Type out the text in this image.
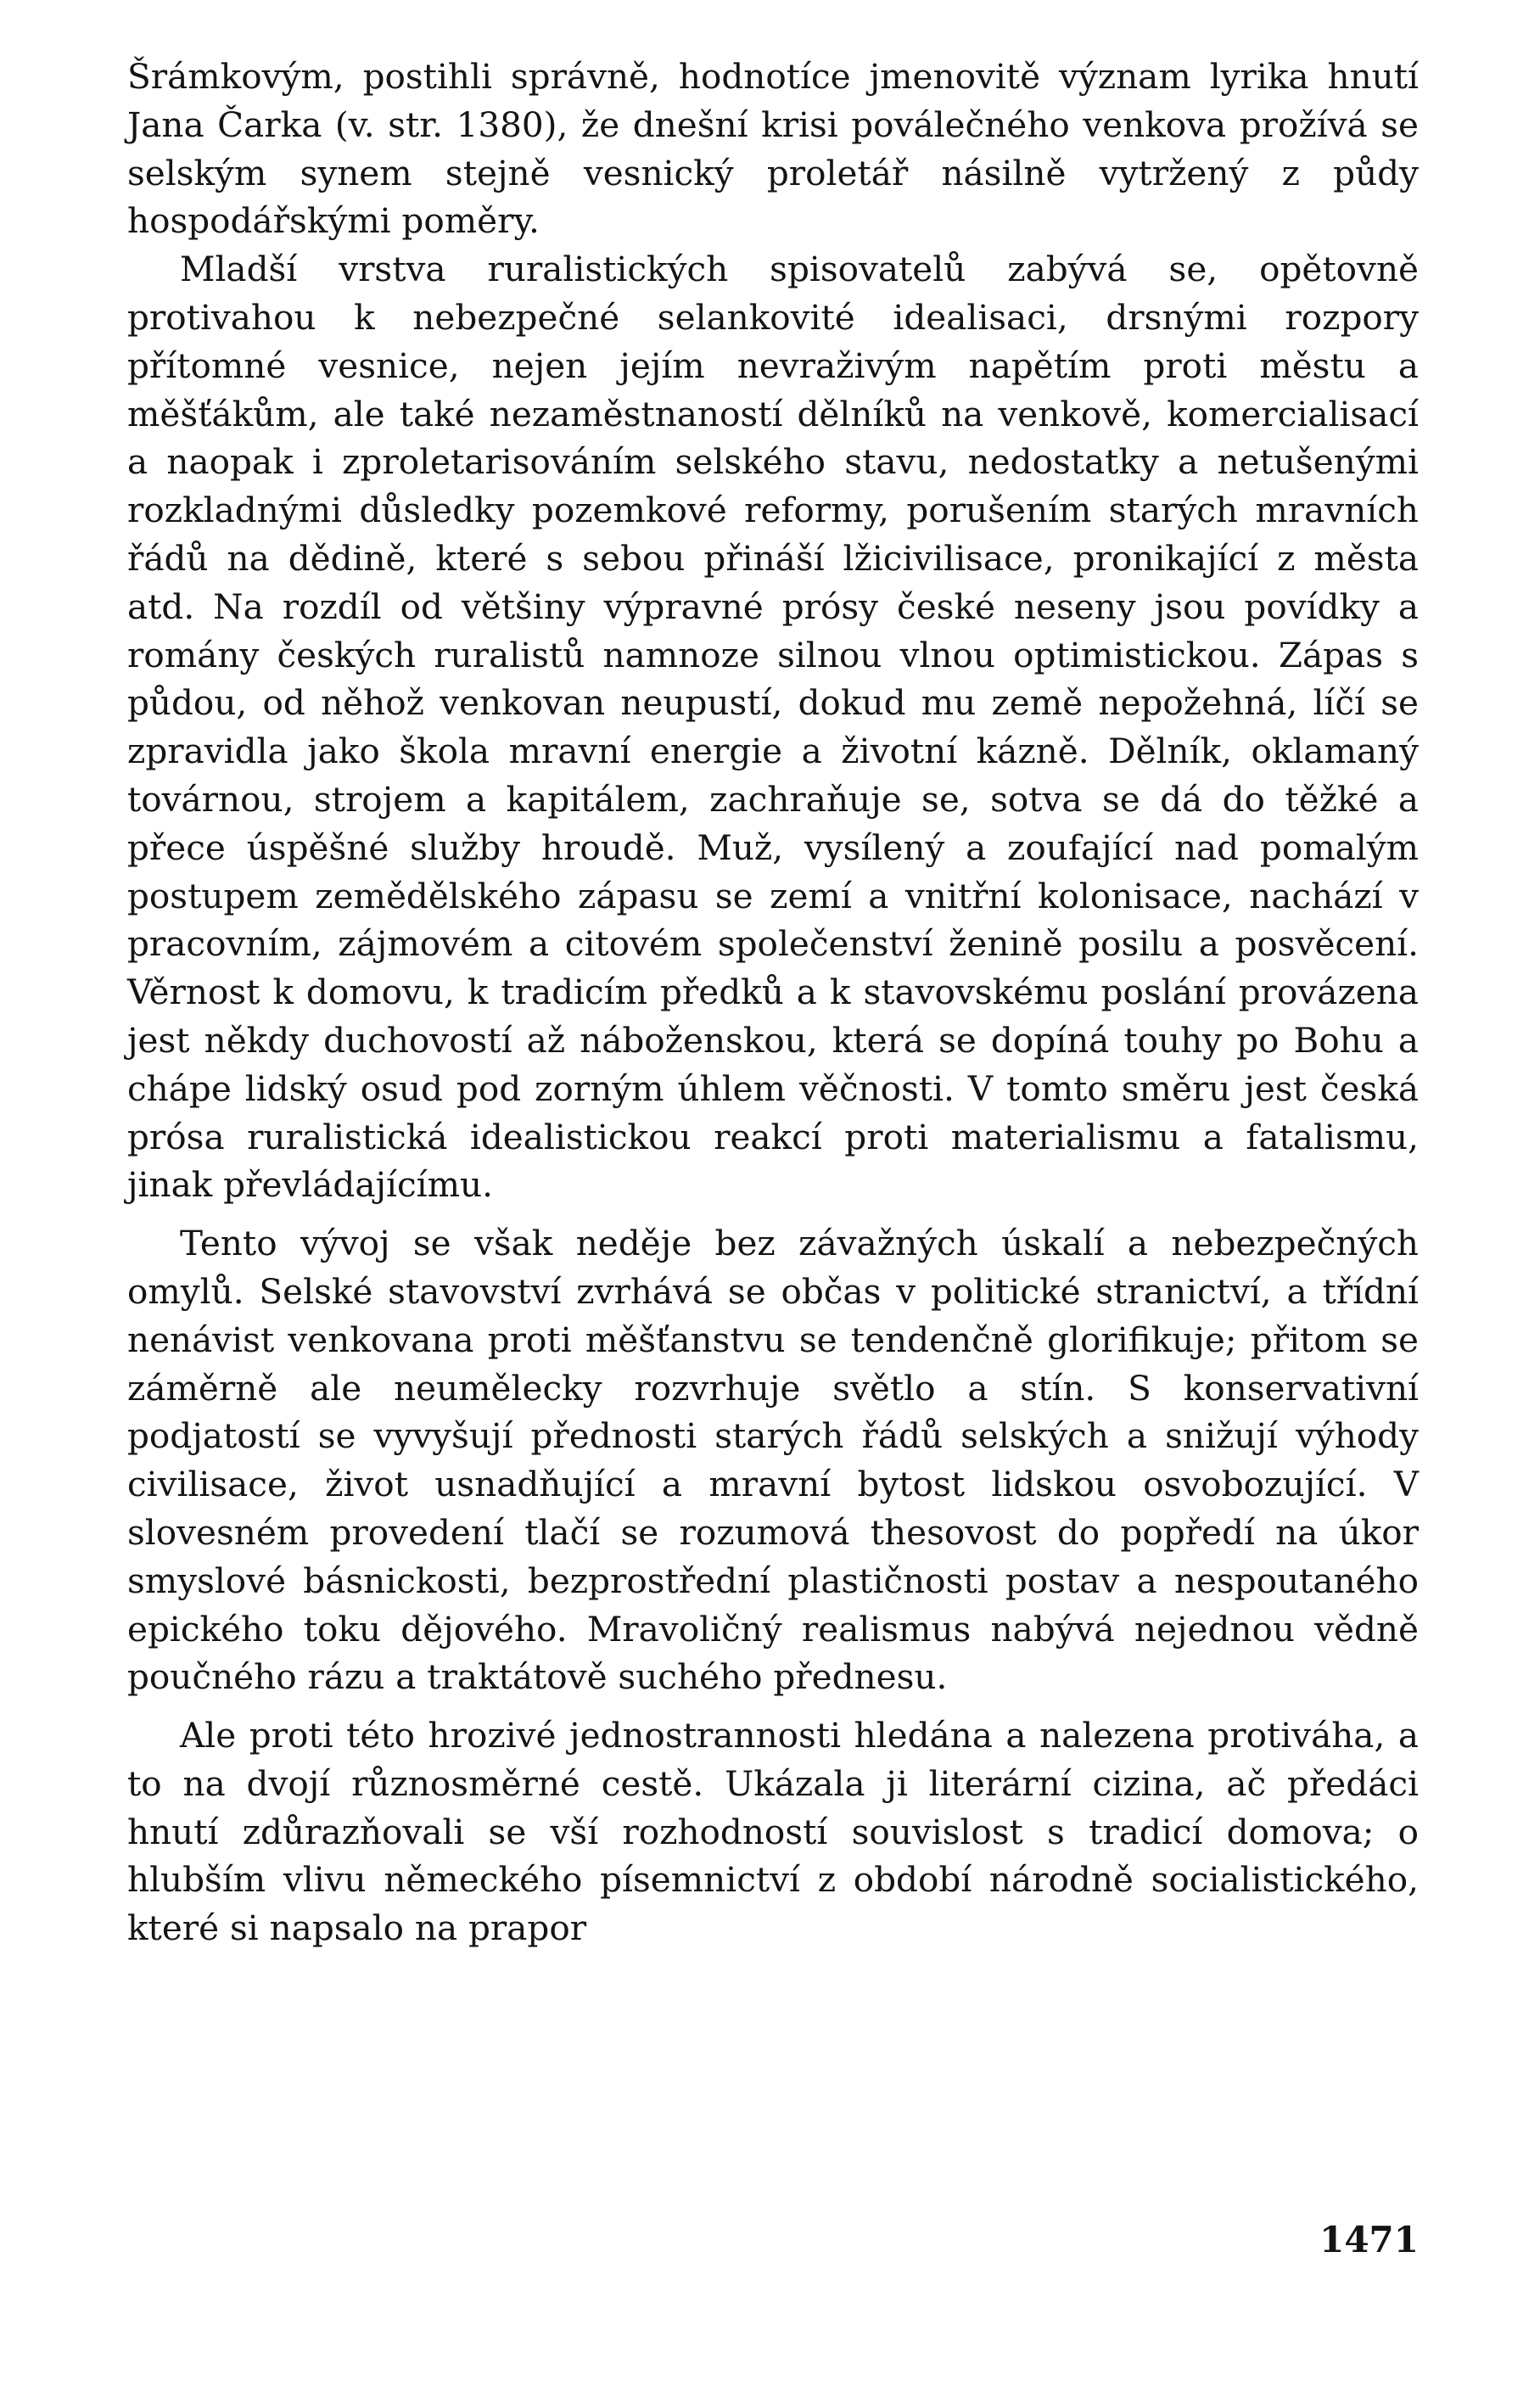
Šrámkovým, postihli správně, hodnotíce jmenovitě význam lyrika hnutí Jana Čarka (v. str. 1380), že dnešní krisi poválečného venkova prožívá se selským synem stejně vesnický proletář násilně vytržený z půdy hospodářskými poměry.

Mladší vrstva ruralistických spisovatelů zabývá se, opětovně protivahou k nebezpečné selankovité idealisaci, drsnými rozpory přítomné vesnice, nejen jejím nevraživým napětím proti městu a měšťákům, ale také nezaměstnaností dělníků na venkově, komercialisací a naopak i zproletarisováním selského stavu, nedostatky a netušenými rozkladnými důsledky pozemkové reformy, porušením starých mravních řádů na dědině, které s sebou přináší lžicivilisace, pronikající z města atd. Na rozdíl od většiny výpravné prósy české neseny jsou povídky a romány českých ruralistů namnoze silnou vlnou optimistickou. Zápas s půdou, od něhož venkovan neupustí, dokud mu země nepožehná, líčí se zpravidla jako škola mravní energie a životní kázně. Dělník, oklamaný továrnou, strojem a kapitálem, zachraňuje se, sotva se dá do těžké a přece úspěšné služby hroudě. Muž, vysílený a zoufající nad pomalým postupem zemědělského zápasu se zemí a vnitřní kolonisace, nachází v pracovním, zájmovém a citovém společenství ženině posilu a posvěcení. Věrnost k domovu, k tradicím předků a k stavovskému poslání provázena jest někdy duchovostí až náboženskou, která se dopíná touhy po Bohu a chápe lidský osud pod zorným úhlem věčnosti. V tomto směru jest česká prósa ruralistická idealistickou reakcí proti materialismu a fatalismu, jinak převládajícímu.

Tento vývoj se však neděje bez závažných úskalí a nebezpečných omylů. Selské stavovství zvrhává se občas v politické stranictví, a třídní nenávist venkovana proti měšťanstvu se tendenčně glorifikuje; přitom se záměrně ale neumělecky rozvrhuje světlo a stín. S konservativní podjatostí se vyvyšují přednosti starých řádů selských a snižují výhody civilisace, život usnadňující a mravní bytost lidskou osvobozující. V slovesném provedení tlačí se rozumová thesovost do popředí na úkor smyslové básnickosti, bezprostřední plastičnosti postav a nespoutaného epického toku dějového. Mravoličný realismus nabývá nejednou vědně poučného rázu a traktátově suchého přednesu.

Ale proti této hrozivé jednostrannosti hledána a nalezena protiváha, a to na dvojí různosměrné cestě. Ukázala ji literární cizina, ač předáci hnutí zdůrazňovali se vší rozhodností souvislost s tradicí domova; o hlubším vlivu německého písemnictví z období národně socialistického, které si napsalo na prapor

1471
